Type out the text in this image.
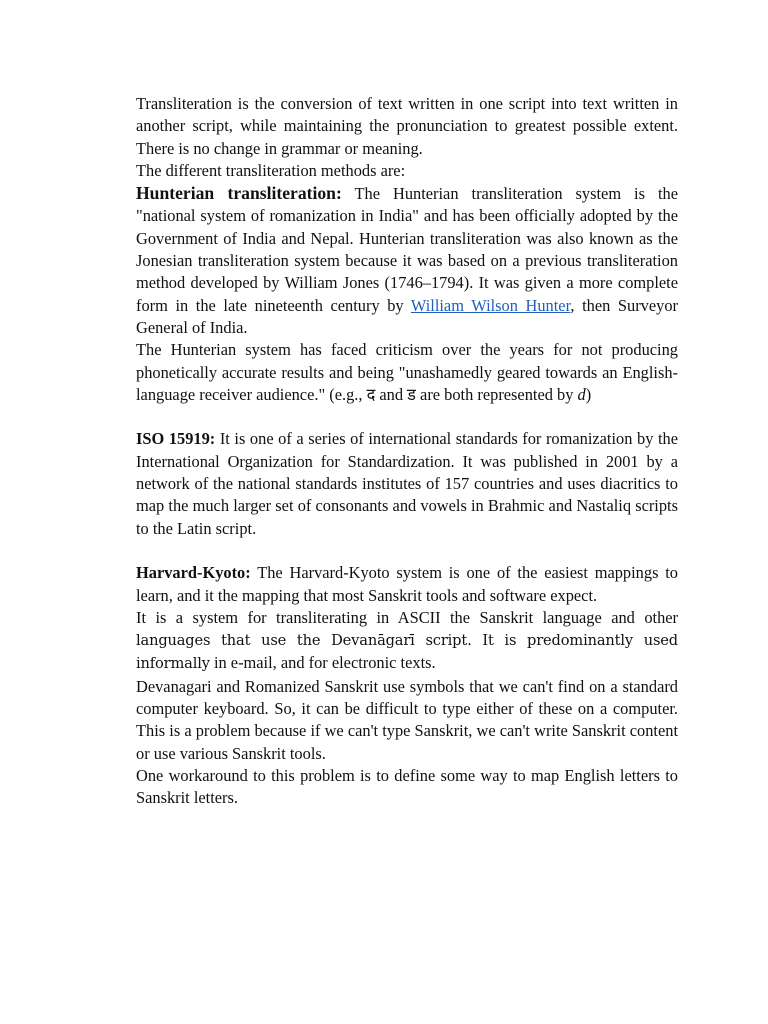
Transliteration is the conversion of text written in one script into text written in another script, while maintaining the pronunciation to greatest possible extent. There is no change in grammar or meaning.

The different transliteration methods are:

Hunterian transliteration: The Hunterian transliteration system is the "national system of romanization in India" and has been officially adopted by the Government of India and Nepal. Hunterian transliteration was also known as the Jonesian transliteration system because it was based on a previous transliteration method developed by William Jones (1746–1794). It was given a more complete form in the late nineteenth century by William Wilson Hunter, then Surveyor General of India.

The Hunterian system has faced criticism over the years for not producing phonetically accurate results and being "unashamedly geared towards an English-language receiver audience." (e.g., द and ड are both represented by d)

ISO 15919: It is one of a series of international standards for romanization by the International Organization for Standardization. It was published in 2001 by a network of the national standards institutes of 157 countries and uses diacritics to map the much larger set of consonants and vowels in Brahmic and Nastaliq scripts to the Latin script.

Harvard-Kyoto: The Harvard-Kyoto system is one of the easiest mappings to learn, and it the mapping that most Sanskrit tools and software expect.

It is a system for transliterating in ASCII the Sanskrit language and other languages that use the Devanāgarī script. It is predominantly used informally in e-mail, and for electronic texts.

Devanagari and Romanized Sanskrit use symbols that we can't find on a standard computer keyboard. So, it can be difficult to type either of these on a computer. This is a problem because if we can't type Sanskrit, we can't write Sanskrit content or use various Sanskrit tools.

One workaround to this problem is to define some way to map English letters to Sanskrit letters.
